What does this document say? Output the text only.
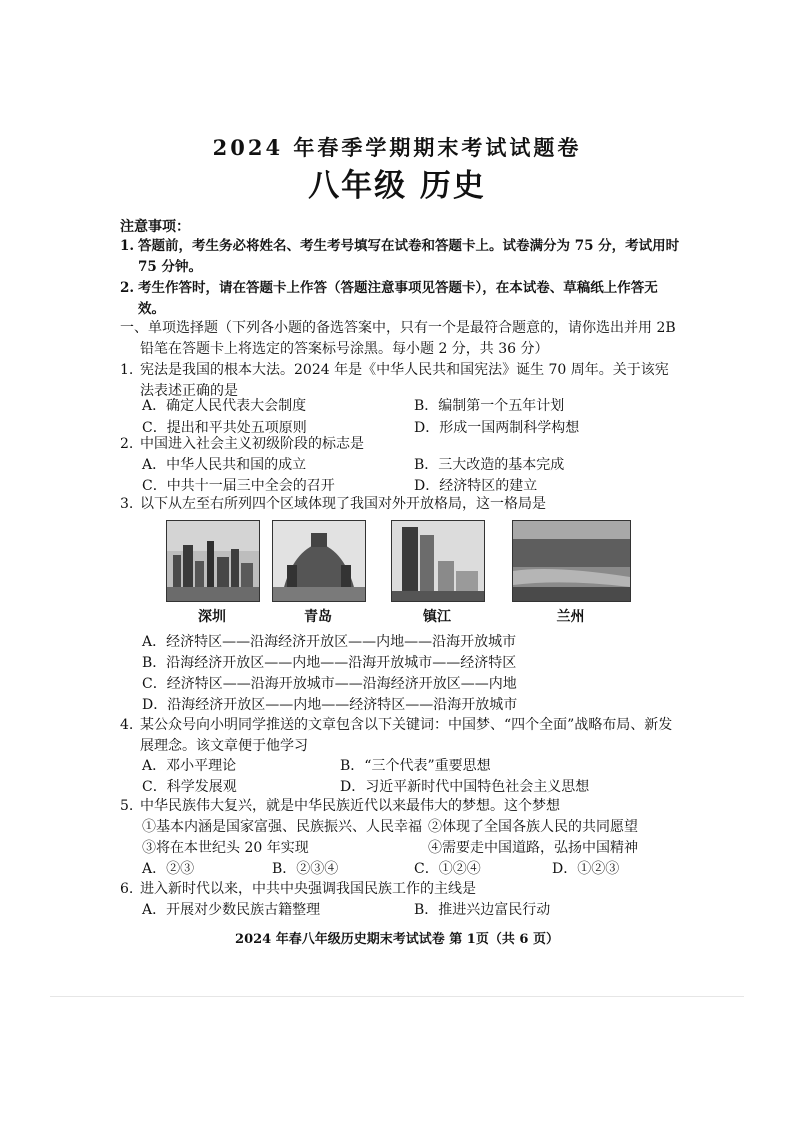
2024 年春季学期期末考试试题卷
八年级 历史
注意事项：
1. 答题前，考生务必将姓名、考生考号填写在试卷和答题卡上。试卷满分为 75 分，考试用时 75 分钟。
2. 考生作答时，请在答题卡上作答（答题注意事项见答题卡），在本试卷、草稿纸上作答无效。
一、单项选择题（下列各小题的备选答案中，只有一个是最符合题意的，请你选出并用 2B
铅笔在答题卡上将选定的答案标号涂黑。每小题 2 分，共 36 分）
1. 宪法是我国的根本大法。2024 年是《中华人民共和国宪法》诞生 70 周年。关于该宪法表述正确的是
A．确定人民代表大会制度	B．编制第一个五年计划
C．提出和平共处五项原则	D．形成一国两制科学构想
2. 中国进入社会主义初级阶段的标志是
A．中华人民共和国的成立	B．三大改造的基本完成
C．中共十一届三中全会的召开	D．经济特区的建立
3. 以下从左至右所列四个区域体现了我国对外开放格局，这一格局是
深圳	青岛	镇江	兰州
A．经济特区——沿海经济开放区——内地——沿海开放城市
B．沿海经济开放区——内地——沿海开放城市——经济特区
C．经济特区——沿海开放城市——沿海经济开放区——内地
D．沿海经济开放区——内地——经济特区——沿海开放城市
4. 某公众号向小明同学推送的文章包含以下关键词：中国梦、“四个全面”战略布局、新发展理念。该文章便于他学习
A．邓小平理论	B．“三个代表”重要思想
C．科学发展观	D．习近平新时代中国特色社会主义思想
5. 中华民族伟大复兴，就是中华民族近代以来最伟大的梦想。这个梦想
①基本内涵是国家富强、民族振兴、人民幸福 ②体现了全国各族人民的共同愿望
③将在本世纪头 20 年实现	④需要走中国道路，弘扬中国精神
A．②③	B．②③④	C．①②④	D．①②③
6. 进入新时代以来，中共中央强调我国民族工作的主线是
A．开展对少数民族古籍整理	B．推进兴边富民行动
2024 年春八年级历史期末考试试卷 第 1页（共 6 页）
